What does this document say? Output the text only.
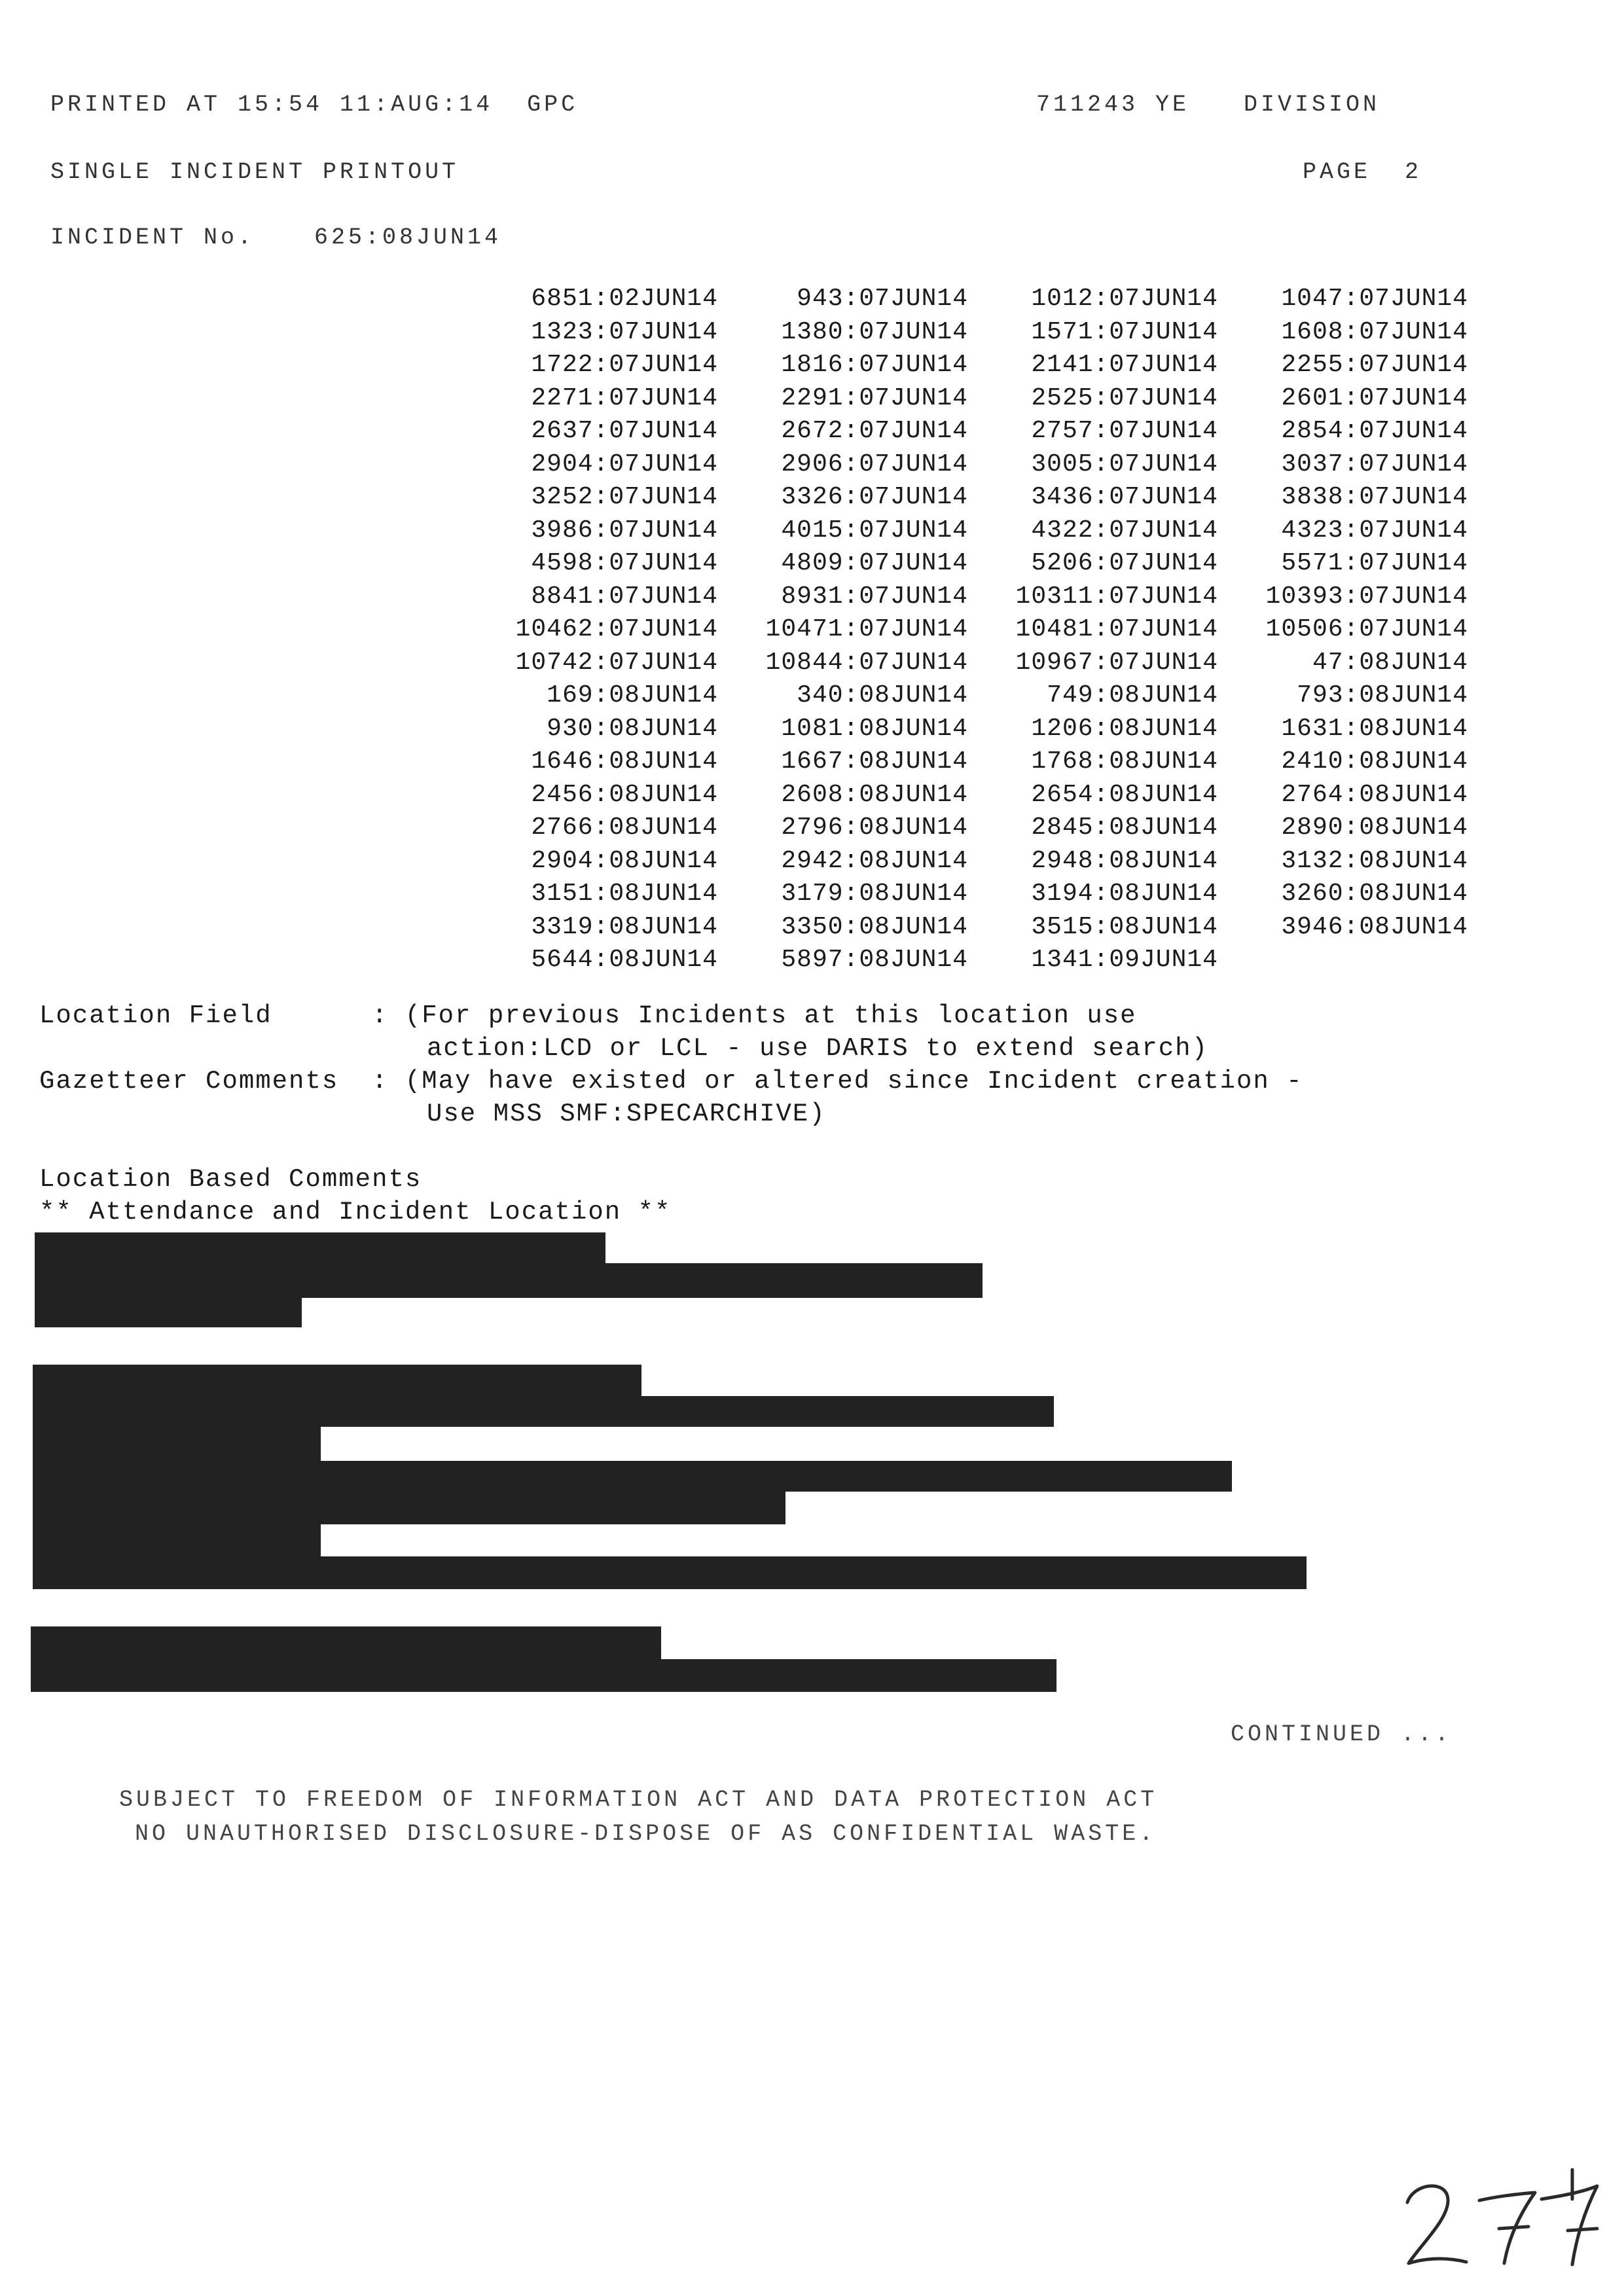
PRINTED AT 15:54 11:AUG:14  GPC	711243 YE DIVISION
SINGLE INCIDENT PRINTOUT	PAGE  2
INCIDENT No.	625:08JUN14
6851:02JUN14	943:07JUN14	1012:07JUN14	1047:07JUN14
1323:07JUN14	1380:07JUN14	1571:07JUN14	1608:07JUN14
1722:07JUN14	1816:07JUN14	2141:07JUN14	2255:07JUN14
2271:07JUN14	2291:07JUN14	2525:07JUN14	2601:07JUN14
2637:07JUN14	2672:07JUN14	2757:07JUN14	2854:07JUN14
2904:07JUN14	2906:07JUN14	3005:07JUN14	3037:07JUN14
3252:07JUN14	3326:07JUN14	3436:07JUN14	3838:07JUN14
3986:07JUN14	4015:07JUN14	4322:07JUN14	4323:07JUN14
4598:07JUN14	4809:07JUN14	5206:07JUN14	5571:07JUN14
8841:07JUN14	8931:07JUN14	10311:07JUN14	10393:07JUN14
10462:07JUN14	10471:07JUN14	10481:07JUN14	10506:07JUN14
10742:07JUN14	10844:07JUN14	10967:07JUN14	47:08JUN14
169:08JUN14	340:08JUN14	749:08JUN14	793:08JUN14
930:08JUN14	1081:08JUN14	1206:08JUN14	1631:08JUN14
1646:08JUN14	1667:08JUN14	1768:08JUN14	2410:08JUN14
2456:08JUN14	2608:08JUN14	2654:08JUN14	2764:08JUN14
2766:08JUN14	2796:08JUN14	2845:08JUN14	2890:08JUN14
2904:08JUN14	2942:08JUN14	2948:08JUN14	3132:08JUN14
3151:08JUN14	3179:08JUN14	3194:08JUN14	3260:08JUN14
3319:08JUN14	3350:08JUN14	3515:08JUN14	3946:08JUN14
5644:08JUN14	5897:08JUN14	1341:09JUN14
Location Field	: (For previous Incidents at this location use
action:LCD or LCL - use DARIS to extend search)
Gazetteer Comments : (May have existed or altered since Incident creation -
Use MSS SMF:SPECARCHIVE)
Location Based Comments
** Attendance and Incident Location **
CONTINUED ...
SUBJECT TO FREEDOM OF INFORMATION ACT AND DATA PROTECTION ACT
NO UNAUTHORISED DISCLOSURE-DISPOSE OF AS CONFIDENTIAL WASTE.
